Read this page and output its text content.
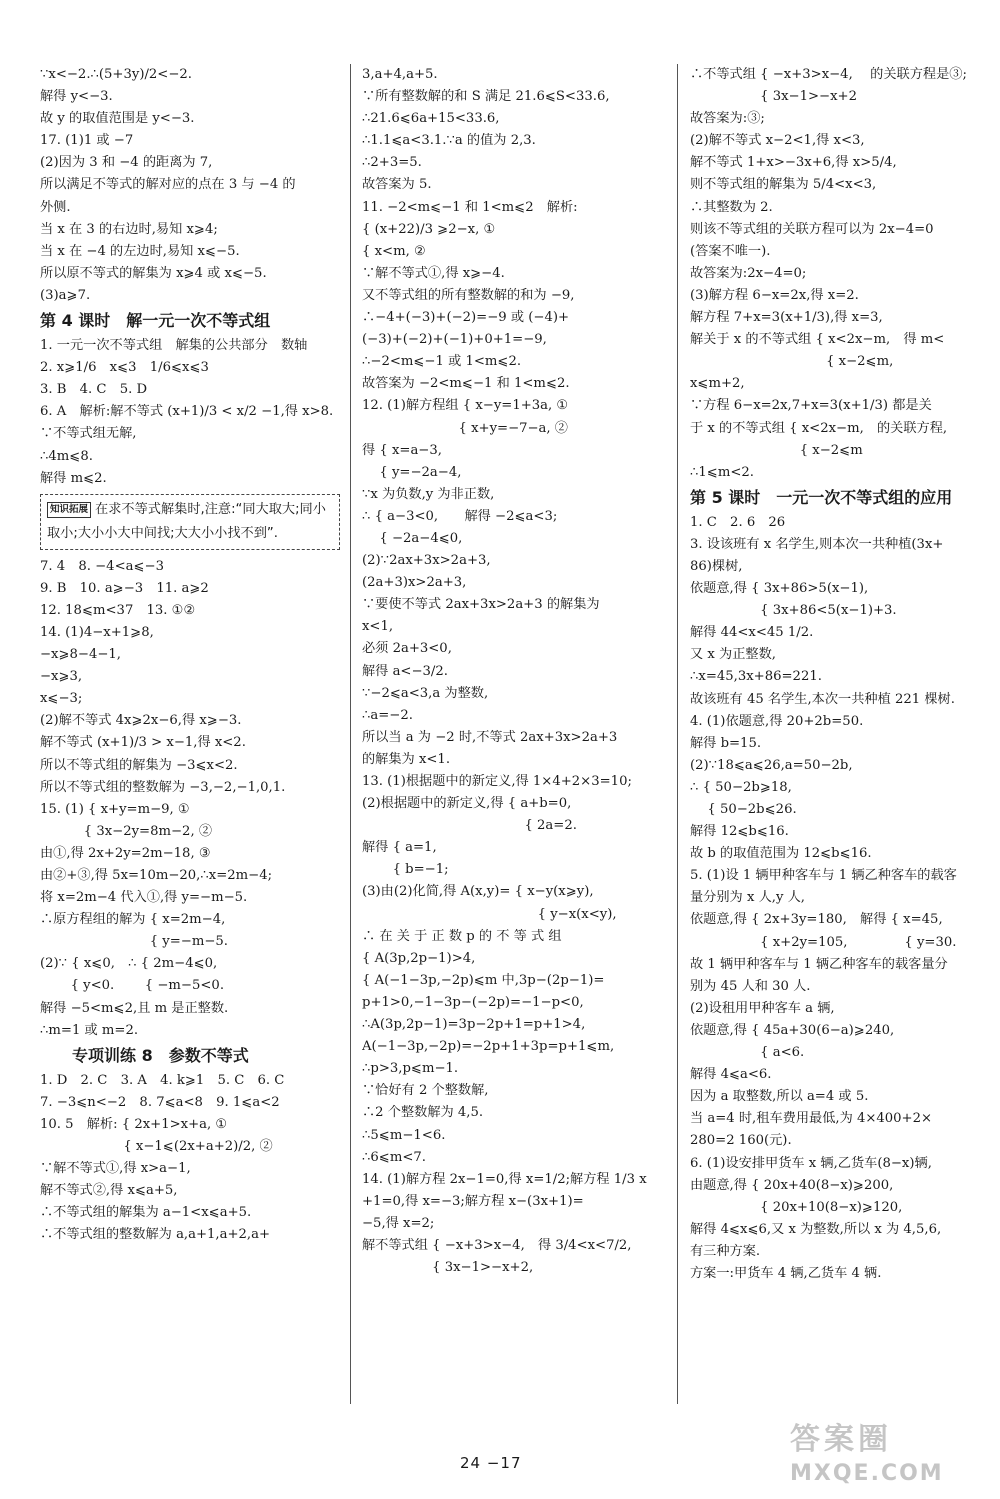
∵x<−2.∴(5+3y)/2<−2.
解得 y<−3.
故 y 的取值范围是 y<−3.
17. (1)1 或 −7
(2)因为 3 和 −4 的距离为 7,
所以满足不等式的解对应的点在 3 与 −4 的
外侧.
当 x 在 3 的右边时,易知 x⩾4;
当 x 在 −4 的左边时,易知 x⩽−5.
所以原不等式的解集为 x⩾4 或 x⩽−5.
(3)a⩾7.
第 4 课时　解一元一次不等式组
1. 一元一次不等式组　解集的公共部分　数轴
2. x⩾1/6　x⩽3　1/6⩽x⩽3
3. B　4. C　5. D
6. A　解析:解不等式 (x+1)/3 < x/2 −1,得 x>8.
∵不等式组无解,
∴4m⩽8.
解得 m⩽2.
知识拓展 在求不等式解集时,注意:“同大取大;同小取小;大小小大中间找;大大小小找不到”.
7. 4　8. −4<a⩽−3
9. B　10. a⩾−3　11. a⩾2
12. 18⩽m<37　13. ①②
14. (1)4−x+1⩾8,
−x⩾8−4−1,
−x⩾3,
x⩽−3;
(2)解不等式 4x⩾2x−6,得 x⩾−3.
解不等式 (x+1)/3 > x−1,得 x<2.
所以不等式组的解集为 −3⩽x<2.
所以不等式组的整数解为 −3,−2,−1,0,1.
15. (1) { x+y=m−9, ①
　　　 { 3x−2y=8m−2, ②
由①,得 2x+2y=2m−18, ③
由②+③,得 5x=10m−20,∴x=2m−4;
将 x=2m−4 代入①,得 y=−m−5.
∴原方程组的解为 { x=2m−4,
　　　　　　　　 { y=−m−5.
(2)∵ { x⩽0,　∴ { 2m−4⩽0,
　　 { y<0.　　 { −m−5<0.
解得 −5<m⩽2,且 m 是正整数.
∴m=1 或 m=2.
　　专项训练 8　参数不等式
1. D　2. C　3. A　4. k⩾1　5. C　6. C
7. −3⩽n<−2　8. 7⩽a<8　9. 1⩽a<2
10. 5　解析: { 2x+1>x+a, ①
　　　　　　 { x−1⩽(2x+a+2)/2, ②
∵解不等式①,得 x>a−1,
解不等式②,得 x⩽a+5,
∴不等式组的解集为 a−1<x⩽a+5.
∴不等式组的整数解为 a,a+1,a+2,a+
3,a+4,a+5.
∵所有整数解的和 S 满足 21.6⩽S<33.6,
∴21.6⩽6a+15<33.6,
∴1.1⩽a<3.1.∵a 的值为 2,3.
∴2+3=5.
故答案为 5.
11. −2<m⩽−1 和 1<m⩽2　解析:
{ (x+22)/3 ⩾2−x, ①
{ x<m, ②
∵解不等式①,得 x⩾−4.
又不等式组的所有整数解的和为 −9,
∴−4+(−3)+(−2)=−9 或 (−4)+
(−3)+(−2)+(−1)+0+1=−9,
∴−2<m⩽−1 或 1<m⩽2.
故答案为 −2<m⩽−1 和 1<m⩽2.
12. (1)解方程组 { x−y=1+3a, ①
　　　　　　　 { x+y=−7−a, ②
得 { x=a−3,
　 { y=−2a−4,
∵x 为负数,y 为非正数,
∴ { a−3<0,　　解得 −2⩽a<3;
　 { −2a−4⩽0,
(2)∵2ax+3x>2a+3,
(2a+3)x>2a+3,
∵要使不等式 2ax+3x>2a+3 的解集为
x<1,
必须 2a+3<0,
解得 a<−3/2.
∵−2⩽a<3,a 为整数,
∴a=−2.
所以当 a 为 −2 时,不等式 2ax+3x>2a+3
的解集为 x<1.
13. (1)根据题中的新定义,得 1×4+2×3=10;
(2)根据题中的新定义,得 { a+b=0,
　　　　　　　　　　　　 { 2a=2.
解得 { a=1,
　　 { b=−1;
(3)由(2)化简,得 A(x,y)= { x−y(x⩾y),
　　　　　　　　　　　　　 { y−x(x<y),
∴ 在 关 于 正 数 p 的 不 等 式 组
{ A(3p,2p−1)>4,
{ A(−1−3p,−2p)⩽m 中,3p−(2p−1)=
p+1>0,−1−3p−(−2p)=−1−p<0,
∴A(3p,2p−1)=3p−2p+1=p+1>4,
A(−1−3p,−2p)=−2p+1+3p=p+1⩽m,
∴p>3,p⩽m−1.
∵恰好有 2 个整数解,
∴2 个整数解为 4,5.
∴5⩽m−1<6.
∴6⩽m<7.
14. (1)解方程 2x−1=0,得 x=1/2;解方程 1/3 x
+1=0,得 x=−3;解方程 x−(3x+1)=
−5,得 x=2;
解不等式组 { −x+3>x−4,　得 3/4<x<7/2,
　　　　　 { 3x−1>−x+2,
∴不等式组 { −x+3>x−4,　 的关联方程是③;
　　　　　 { 3x−1>−x+2
故答案为:③;
(2)解不等式 x−2<1,得 x<3,
解不等式 1+x>−3x+6,得 x>5/4,
则不等式组的解集为 5/4<x<3,
∴其整数为 2.
则该不等式组的关联方程可以为 2x−4=0
(答案不唯一).
故答案为:2x−4=0;
(3)解方程 6−x=2x,得 x=2.
解方程 7+x=3(x+1/3),得 x=3,
解关于 x 的不等式组 { x<2x−m,　得 m<
　　　　　　　　　　 { x−2⩽m,
x⩽m+2,
∵方程 6−x=2x,7+x=3(x+1/3) 都是关
于 x 的不等式组 { x<2x−m,　的关联方程,
　　　　　　　　 { x−2⩽m
∴1⩽m<2.
第 5 课时　一元一次不等式组的应用
1. C　2. 6　26
3. 设该班有 x 名学生,则本次一共种植(3x+
86)棵树,
依题意,得 { 3x+86>5(x−1),
　　　　　 { 3x+86<5(x−1)+3.
解得 44<x<45 1/2.
又 x 为正整数,
∴x=45,3x+86=221.
故该班有 45 名学生,本次一共种植 221 棵树.
4. (1)依题意,得 20+2b=50.
解得 b=15.
(2)∵18⩽a⩽26,a=50−2b,
∴ { 50−2b⩾18,
　 { 50−2b⩽26.
解得 12⩽b⩽16.
故 b 的取值范围为 12⩽b⩽16.
5. (1)设 1 辆甲种客车与 1 辆乙种客车的载客
量分别为 x 人,y 人,
依题意,得 { 2x+3y=180,　解得 { x=45,
　　　　　 { x+2y=105,　　　　 { y=30.
故 1 辆甲种客车与 1 辆乙种客车的载客量分
别为 45 人和 30 人.
(2)设租用甲种客车 a 辆,
依题意,得 { 45a+30(6−a)⩾240,
　　　　　 { a<6.
解得 4⩽a<6.
因为 a 取整数,所以 a=4 或 5.
当 a=4 时,租车费用最低,为 4×400+2×
280=2 160(元).
6. (1)设安排甲货车 x 辆,乙货车(8−x)辆,
由题意,得 { 20x+40(8−x)⩾200,
　　　　　 { 20x+10(8−x)⩾120,
解得 4⩽x⩽6,又 x 为整数,所以 x 为 4,5,6,
有三种方案.
方案一:甲货车 4 辆,乙货车 4 辆.
24 −17
答案圈
MXQE.COM
